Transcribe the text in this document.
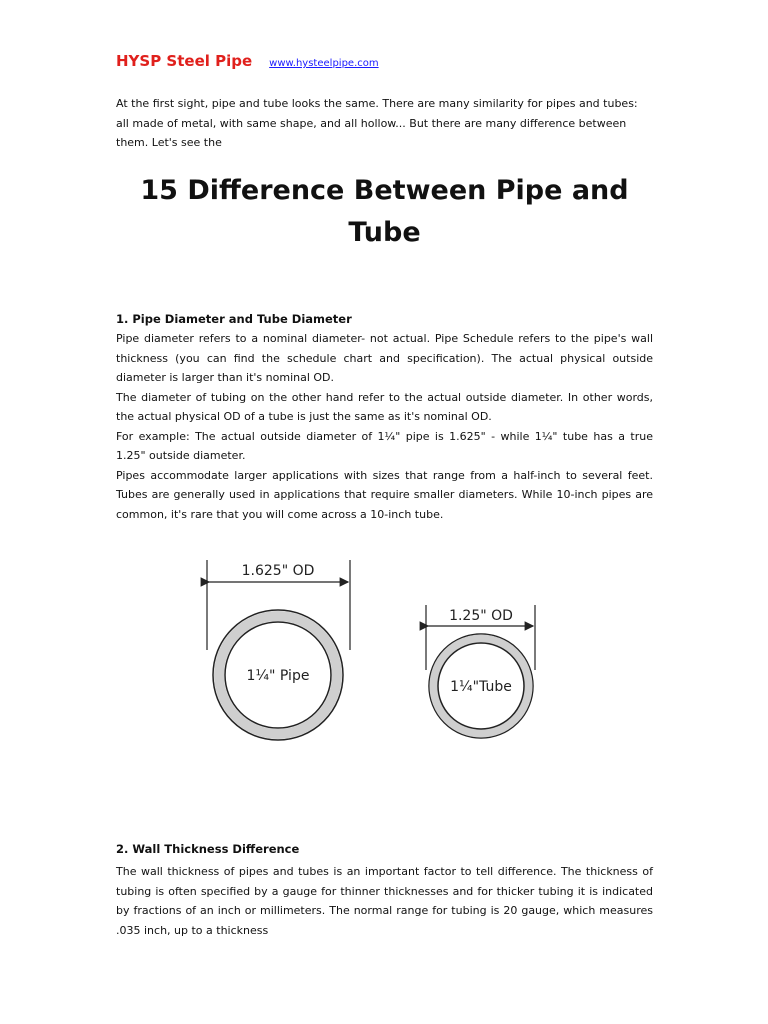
HYSP Steel Pipe www.hysteelpipe.com
At the first sight, pipe and tube looks the same. There are many similarity for pipes and tubes: all made of metal, with same shape, and all hollow... But there are many difference between them. Let's see the
15 Difference Between Pipe and Tube
1. Pipe Diameter and Tube Diameter
Pipe diameter refers to a nominal diameter- not actual. Pipe Schedule refers to the pipe's wall thickness (you can find the schedule chart and specification). The actual physical outside diameter is larger than it's nominal OD.
The diameter of tubing on the other hand refer to the actual outside diameter. In other words, the actual physical OD of a tube is just the same as it's nominal OD.
For example: The actual outside diameter of 1¼" pipe is 1.625" - while 1¼" tube has a true 1.25" outside diameter.
Pipes accommodate larger applications with sizes that range from a half-inch to several feet. Tubes are generally used in applications that require smaller diameters. While 10-inch pipes are common, it's rare that you will come across a 10-inch tube.
1.625" OD
1¼" Pipe
1.25" OD
1¼"Tube
2. Wall Thickness Difference
The wall thickness of pipes and tubes is an important factor to tell difference. The thickness of tubing is often specified by a gauge for thinner thicknesses and for thicker tubing it is indicated by fractions of an inch or millimeters. The normal range for tubing is 20 gauge, which measures .035 inch, up to a thickness
